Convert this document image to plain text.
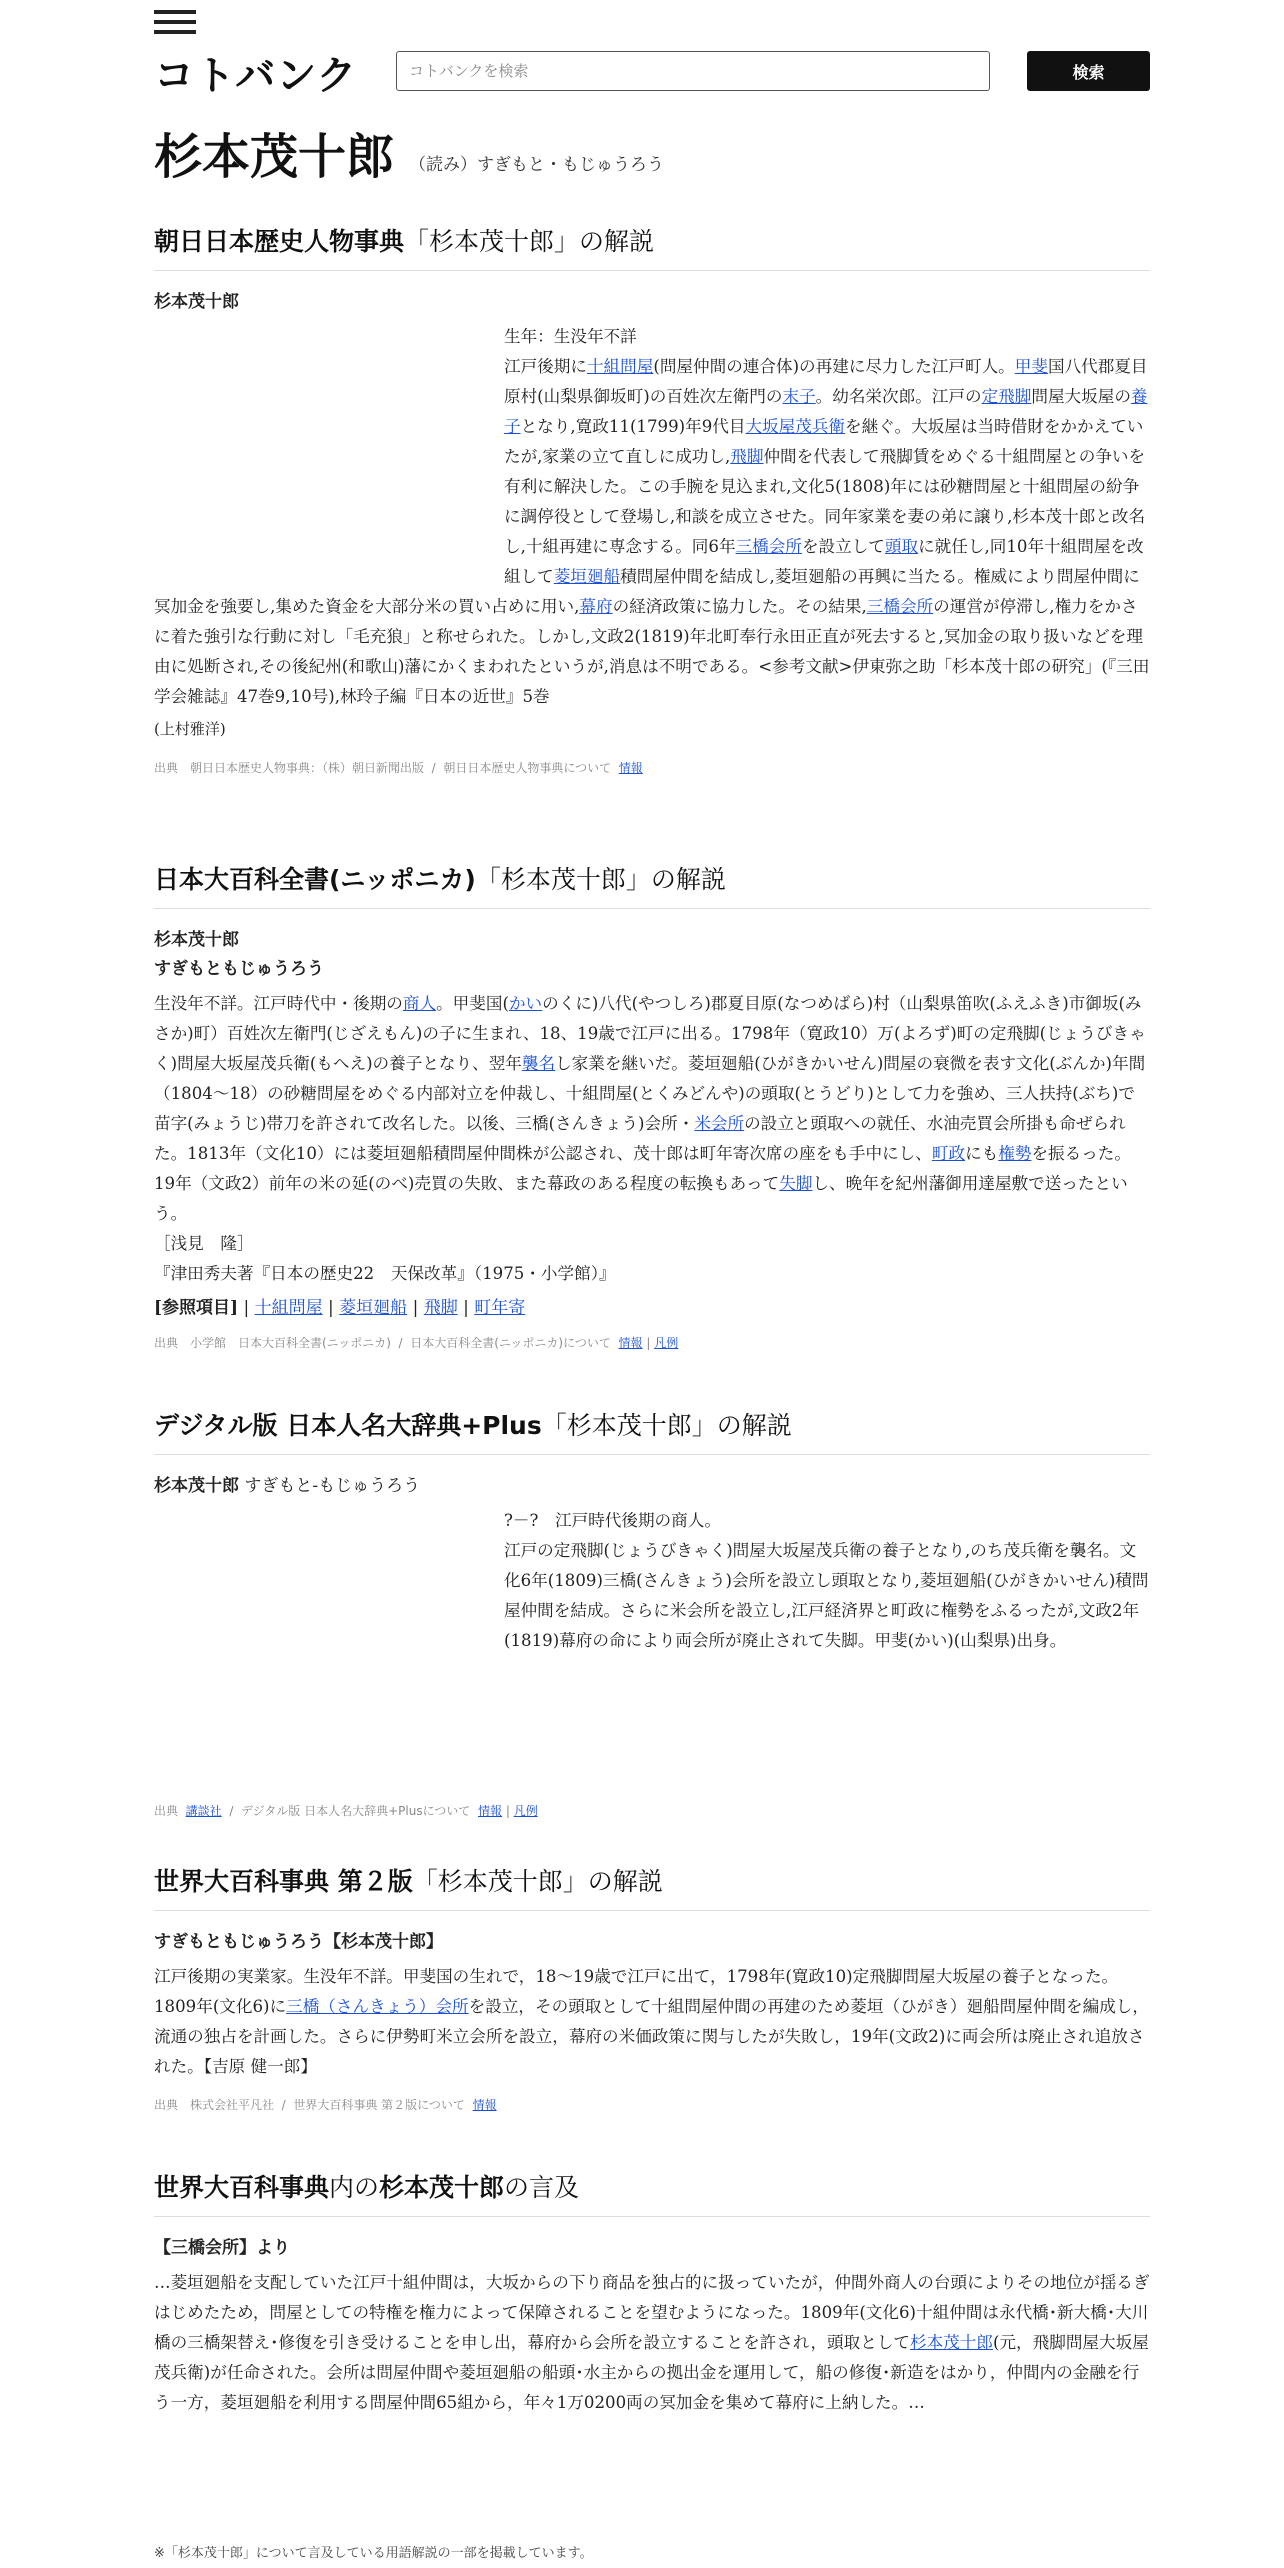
コトバンク
コトバンクを検索	検索
杉本茂十郎 （読み）すぎもと・もじゅうろう
朝日日本歴史人物事典「杉本茂十郎」の解説

杉本茂十郎

生年：生没年不詳
江戸後期に十組問屋(問屋仲間の連合体)の再建に尽力した江戸町人。甲斐国八代郡夏目原村(山梨県御坂町)の百姓次左衛門の末子。幼名栄次郎。江戸の定飛脚問屋大坂屋の養子となり,寛政11(1799)年9代目大坂屋茂兵衛を継ぐ。大坂屋は当時借財をかかえていたが,家業の立て直しに成功し,飛脚仲間を代表して飛脚賃をめぐる十組問屋との争いを有利に解決した。この手腕を見込まれ,文化5(1808)年には砂糖問屋と十組問屋の紛争に調停役として登場し,和談を成立させた。同年家業を妻の弟に譲り,杉本茂十郎と改名し,十組再建に専念する。同6年三橋会所を設立して頭取に就任し,同10年十組問屋を改組して菱垣廻船積問屋仲間を結成し,菱垣廻船の再興に当たる。権威により問屋仲間に冥加金を強要し,集めた資金を大部分米の買い占めに用い,幕府の経済政策に協力した。その結果,三橋会所の運営が停滞し,権力をかさに着た強引な行動に対し「毛充狼」と称せられた。しかし,文政2(1819)年北町奉行永田正直が死去すると,冥加金の取り扱いなどを理由に処断され,その後紀州(和歌山)藩にかくまわれたというが,消息は不明である。<参考文献>伊東弥之助「杉本茂十郎の研究」(『三田学会雑誌』47巻9,10号),林玲子編『日本の近世』5巻
(上村雅洋)
出典　朝日日本歴史人物事典：（株）朝日新聞出版 / 朝日日本歴史人物事典について 情報
日本大百科全書(ニッポニカ)「杉本茂十郎」の解説

杉本茂十郎

すぎもともじゅうろう

生没年不詳。江戸時代中・後期の商人。甲斐国(かいのくに)八代(やつしろ)郡夏目原(なつめばら)村（山梨県笛吹(ふえふき)市御坂(みさか)町）百姓次左衛門(じざえもん)の子に生まれ、18、19歳で江戸に出る。1798年（寛政10）万(よろず)町の定飛脚(じょうびきゃく)問屋大坂屋茂兵衛(もへえ)の養子となり、翌年襲名し家業を継いだ。菱垣廻船(ひがきかいせん)問屋の衰微を表す文化(ぶんか)年間（1804～18）の砂糖問屋をめぐる内部対立を仲裁し、十組問屋(とくみどんや)の頭取(とうどり)として力を強め、三人扶持(ぶち)で苗字(みょうじ)帯刀を許されて改名した。以後、三橋(さんきょう)会所・米会所の設立と頭取への就任、水油売買会所掛も命ぜられた。1813年（文化10）には菱垣廻船積問屋仲間株が公認され、茂十郎は町年寄次席の座をも手中にし、町政にも権勢を振るった。19年（文政2）前年の米の延(のべ)売買の失敗、また幕政のある程度の転換もあって失脚し、晩年を紀州藩御用達屋敷で送ったという。
［浅見　隆］
『津田秀夫著『日本の歴史22　天保改革』（1975・小学館）』
[参照項目] | 十組問屋 | 菱垣廻船 | 飛脚 | 町年寄
出典　小学館　日本大百科全書(ニッポニカ) / 日本大百科全書(ニッポニカ)について 情報 | 凡例
デジタル版 日本人名大辞典+Plus「杉本茂十郎」の解説

杉本茂十郎 すぎもと-もじゅうろう

?－?　江戸時代後期の商人。
江戸の定飛脚(じょうびきゃく)問屋大坂屋茂兵衛の養子となり,のち茂兵衛を襲名。文化6年(1809)三橋(さんきょう)会所を設立し頭取となり,菱垣廻船(ひがきかいせん)積問屋仲間を結成。さらに米会所を設立し,江戸経済界と町政に権勢をふるったが,文政2年(1819)幕府の命により両会所が廃止されて失脚。甲斐(かい)(山梨県)出身。
出典 講談社 / デジタル版 日本人名大辞典+Plusについて 情報 | 凡例
世界大百科事典 第２版「杉本茂十郎」の解説

すぎもともじゅうろう【杉本茂十郎】

江戸後期の実業家。生没年不詳。甲斐国の生れで，18～19歳で江戸に出て，1798年(寛政10)定飛脚問屋大坂屋の養子となった。1809年(文化6)に三橋（さんきょう）会所を設立，その頭取として十組問屋仲間の再建のため菱垣（ひがき）廻船問屋仲間を編成し，流通の独占を計画した。さらに伊勢町米立会所を設立，幕府の米価政策に関与したが失敗し，19年(文政2)に両会所は廃止され追放された。【吉原 健一郎】
出典　株式会社平凡社 / 世界大百科事典 第２版について 情報
世界大百科事典内の杉本茂十郎の言及

【三橋会所】より

…菱垣廻船を支配していた江戸十組仲間は，大坂からの下り商品を独占的に扱っていたが，仲間外商人の台頭によりその地位が揺るぎはじめたため，問屋としての特権を権力によって保障されることを望むようになった。1809年(文化6)十組仲間は永代橋･新大橋･大川橋の三橋架替え･修復を引き受けることを申し出，幕府から会所を設立することを許され，頭取として杉本茂十郎(元，飛脚問屋大坂屋茂兵衛)が任命された。会所は問屋仲間や菱垣廻船の船頭･水主からの拠出金を運用して，船の修復･新造をはかり，仲間内の金融を行う一方，菱垣廻船を利用する問屋仲間65組から，年々1万0200両の冥加金を集めて幕府に上納した。…
※「杉本茂十郎」について言及している用語解説の一部を掲載しています。
